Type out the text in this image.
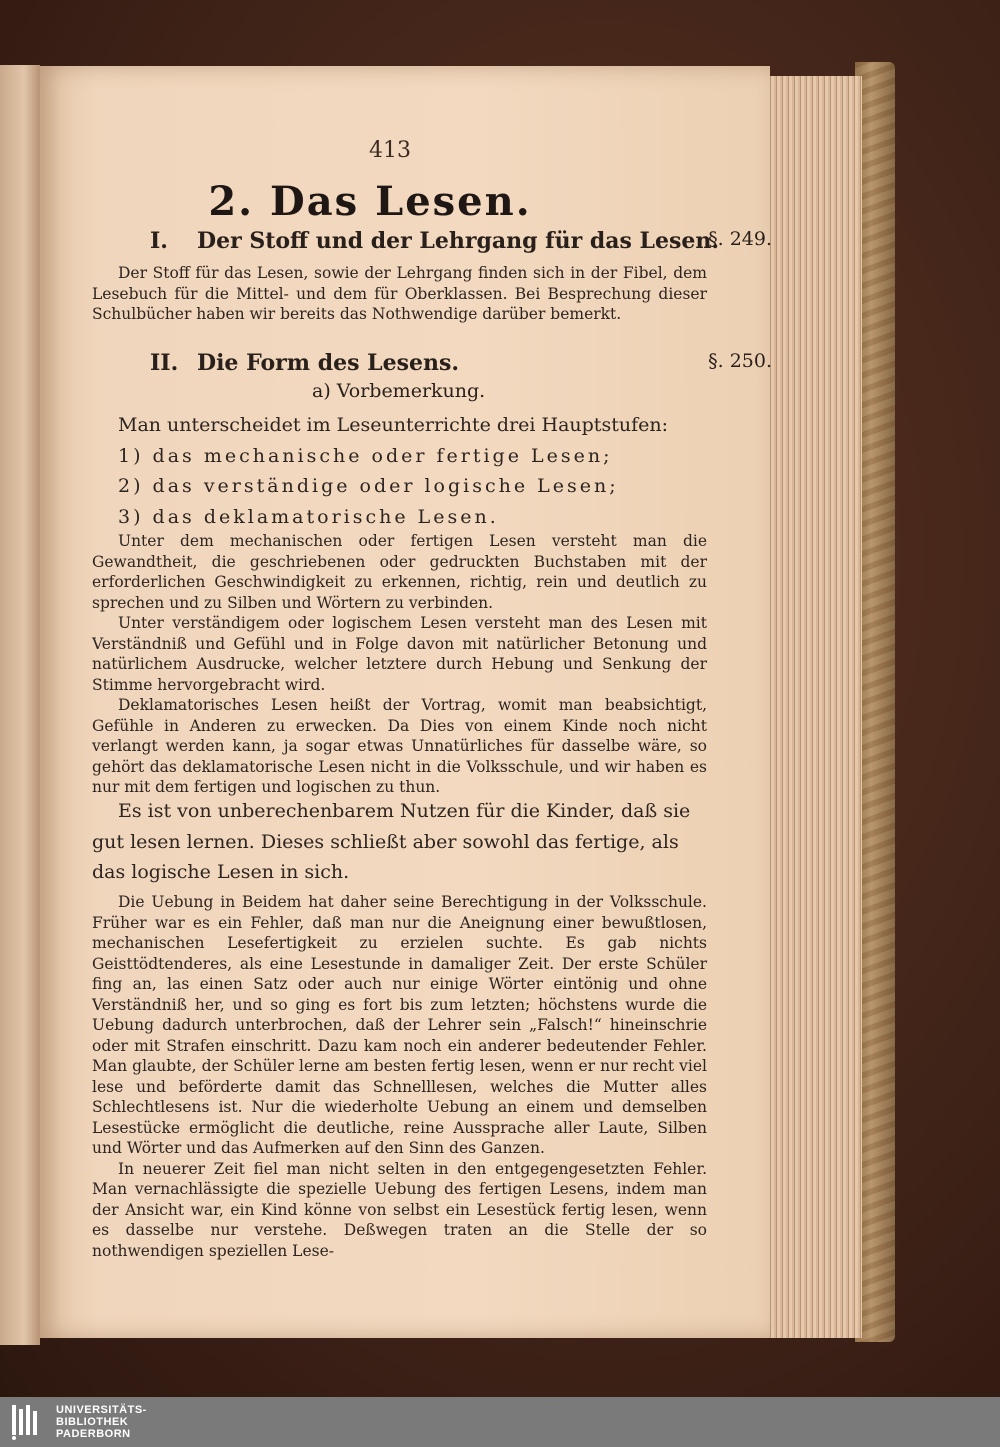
413
2. Das Lesen.
I. Der Stoff und der Lehrgang für das Lesen.
§. 249.
Der Stoff für das Lesen, sowie der Lehrgang finden sich in der Fibel, dem Lesebuch für die Mittel- und dem für Oberklassen. Bei Besprechung dieser Schulbücher haben wir bereits das Nothwendige darüber bemerkt.
II. Die Form des Lesens.	§. 250.
a) Vorbemerkung.

Man unterscheidet im Leseunterrichte drei Hauptstufen:

1) das mechanische oder fertige Lesen;

2) das verständige oder logische Lesen;

3) das deklamatorische Lesen.

Unter dem mechanischen oder fertigen Lesen versteht man die Gewandtheit, die geschriebenen oder gedruckten Buchstaben mit der erforderlichen Geschwindigkeit zu erkennen, richtig, rein und deutlich zu sprechen und zu Silben und Wörtern zu verbinden.

Unter verständigem oder logischem Lesen versteht man des Lesen mit Verständniß und Gefühl und in Folge davon mit natürlicher Betonung und natürlichem Ausdrucke, welcher letztere durch Hebung und Senkung der Stimme hervorgebracht wird.

Deklamatorisches Lesen heißt der Vortrag, womit man beabsichtigt, Gefühle in Anderen zu erwecken. Da Dies von einem Kinde noch nicht verlangt werden kann, ja sogar etwas Unnatürliches für dasselbe wäre, so gehört das deklamatorische Lesen nicht in die Volksschule, und wir haben es nur mit dem fertigen und logischen zu thun.

Es ist von unberechenbarem Nutzen für die Kinder, daß sie gut lesen lernen. Dieses schließt aber sowohl das fertige, als das logische Lesen in sich.

Die Uebung in Beidem hat daher seine Berechtigung in der Volksschule. Früher war es ein Fehler, daß man nur die Aneignung einer bewußtlosen, mechanischen Lesefertigkeit zu erzielen suchte. Es gab nichts Geisttödtenderes, als eine Lesestunde in damaliger Zeit. Der erste Schüler fing an, las einen Satz oder auch nur einige Wörter eintönig und ohne Verständniß her, und so ging es fort bis zum letzten; höchstens wurde die Uebung dadurch unterbrochen, daß der Lehrer sein „Falsch!“ hineinschrie oder mit Strafen einschritt. Dazu kam noch ein anderer bedeutender Fehler. Man glaubte, der Schüler lerne am besten fertig lesen, wenn er nur recht viel lese und beförderte damit das Schnelllesen, welches die Mutter alles Schlechtlesens ist. Nur die wiederholte Uebung an einem und demselben Lesestücke ermöglicht die deutliche, reine Aussprache aller Laute, Silben und Wörter und das Aufmerken auf den Sinn des Ganzen.

In neuerer Zeit fiel man nicht selten in den entgegengesetzten Fehler. Man vernachlässigte die spezielle Uebung des fertigen Lesens, indem man der Ansicht war, ein Kind könne von selbst ein Lesestück fertig lesen, wenn es dasselbe nur verstehe. Deßwegen traten an die Stelle der so nothwendigen speziellen Lese-

UNIVERSITÄTS-
BIBLIOTHEK
PADERBORN
